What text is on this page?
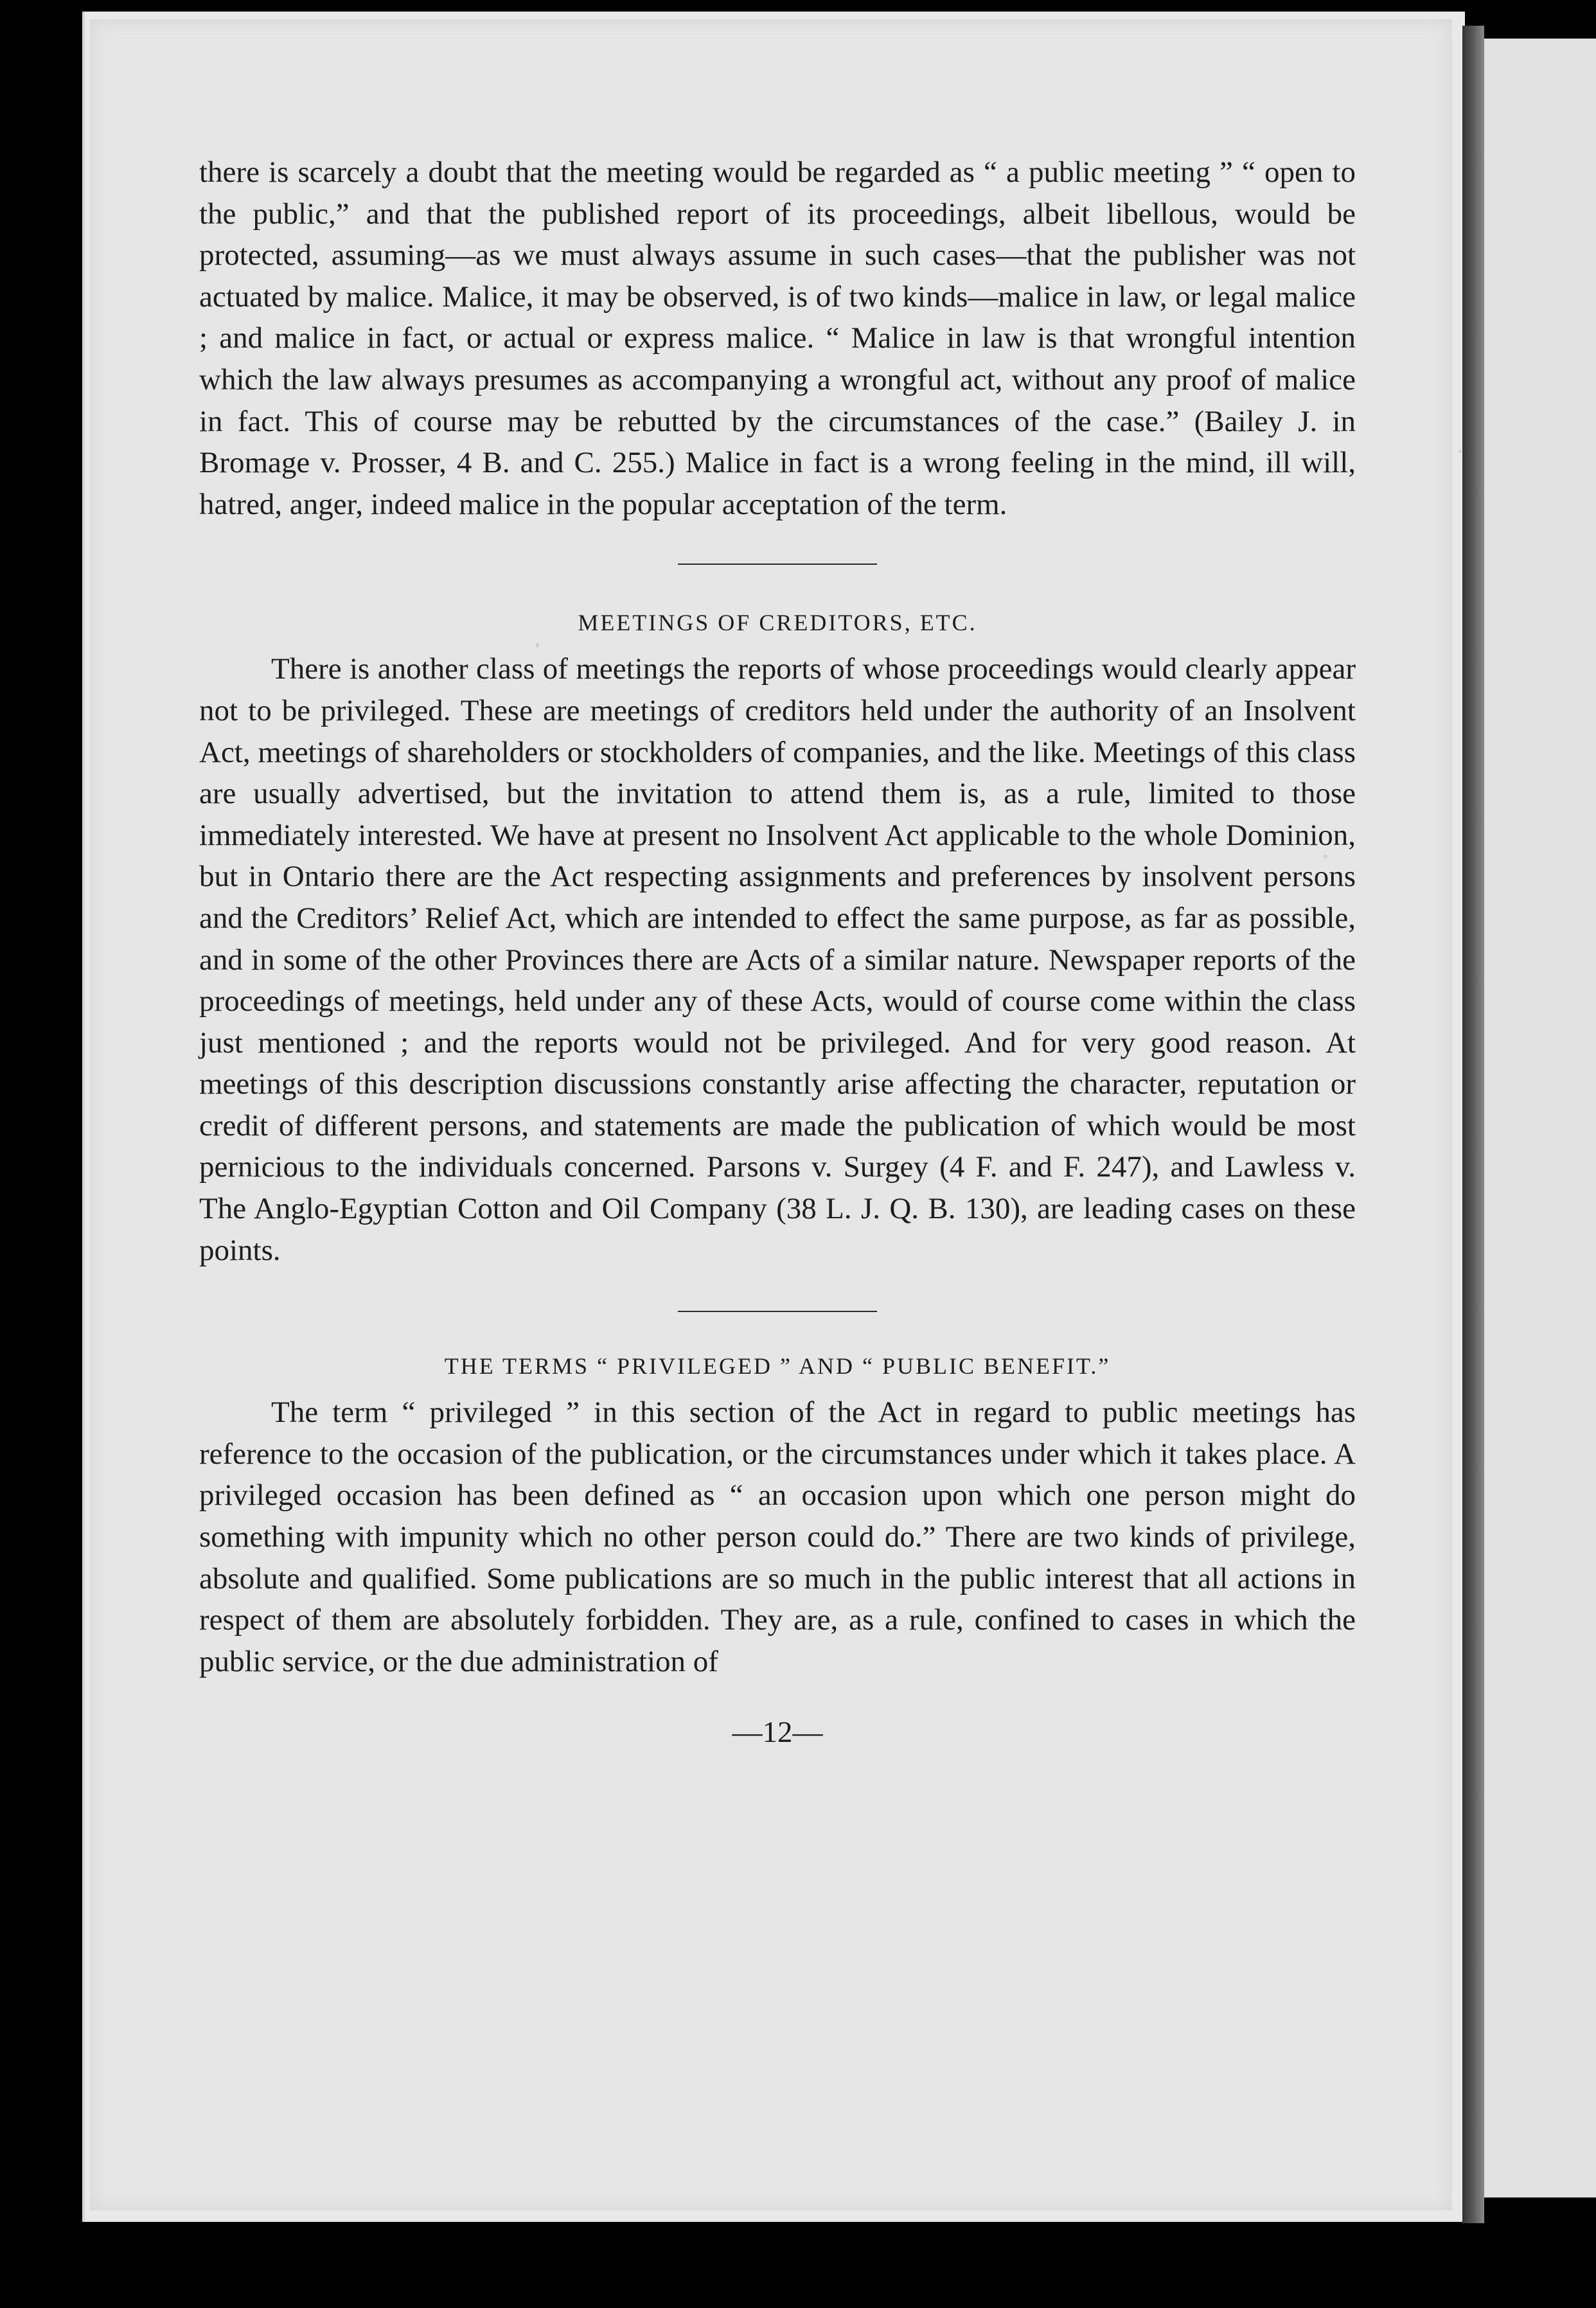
there is scarcely a doubt that the meeting would be regarded as “ a public meeting ” “ open to the public,” and that the published report of its proceedings, albeit libellous, would be protected, assuming—as we must always assume in such cases—that the publisher was not actuated by malice. Malice, it may be observed, is of two kinds—malice in law, or legal malice ; and malice in fact, or actual or express malice. “ Malice in law is that wrongful intention which the law always presumes as accompanying a wrongful act, without any proof of malice in fact. This of course may be rebutted by the circumstances of the case.” (Bailey J. in Bromage v. Prosser, 4 B. and C. 255.) Malice in fact is a wrong feeling in the mind, ill will, hatred, anger, indeed malice in the popular acceptation of the term.

MEETINGS OF CREDITORS, ETC.

There is another class of meetings the reports of whose proceedings would clearly appear not to be privileged. These are meetings of creditors held under the authority of an Insolvent Act, meetings of shareholders or stockholders of companies, and the like. Meetings of this class are usually advertised, but the invitation to attend them is, as a rule, limited to those immediately interested. We have at present no Insolvent Act applicable to the whole Dominion, but in Ontario there are the Act respecting assignments and preferences by insolvent persons and the Creditors’ Relief Act, which are intended to effect the same purpose, as far as possible, and in some of the other Provinces there are Acts of a similar nature. Newspaper reports of the proceedings of meetings, held under any of these Acts, would of course come within the class just mentioned ; and the reports would not be privileged. And for very good reason. At meetings of this description discussions constantly arise affecting the character, reputation or credit of different persons, and statements are made the publication of which would be most pernicious to the individuals concerned. Parsons v. Surgey (4 F. and F. 247), and Lawless v. The Anglo-Egyptian Cotton and Oil Company (38 L. J. Q. B. 130), are leading cases on these points.

THE TERMS “ PRIVILEGED ” AND “ PUBLIC BENEFIT.”

The term “ privileged ” in this section of the Act in regard to public meetings has reference to the occasion of the publication, or the circumstances under which it takes place. A privileged occasion has been defined as “ an occasion upon which one person might do something with impunity which no other person could do.” There are two kinds of privilege, absolute and qualified. Some publications are so much in the public interest that all actions in respect of them are absolutely forbidden. They are, as a rule, confined to cases in which the public service, or the due administration of

—12—
